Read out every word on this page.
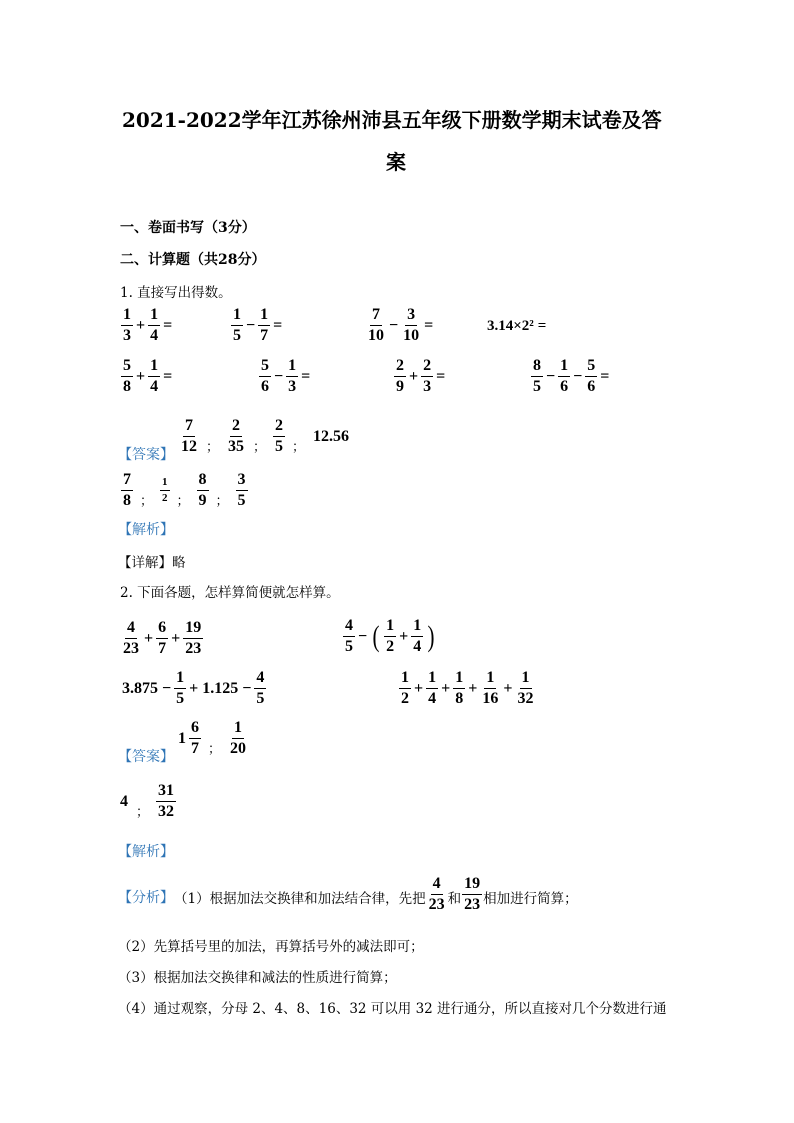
2021-2022学年江苏徐州沛县五年级下册数学期末试卷及答
案
一、卷面书写（3分）
二、计算题（共28分）
1. 直接写出得数。
$\frac{1}{3} + \frac{1}{4}$ =	$\frac{1}{5} - \frac{1}{7}$ =	$\frac{7}{10} - \frac{3}{10}$ =	3.14×2² =
$\frac{5}{8} + \frac{1}{4}$ =	$\frac{5}{6} - \frac{1}{3}$ =	$\frac{2}{9} + \frac{2}{3}$ =	$\frac{8}{5} - \frac{1}{6} - \frac{5}{6}$ =
【答案】 $\frac{7}{12}$ ； $\frac{2}{35}$ ； $\frac{2}{5}$ ；
12.56
$\frac{7}{8}$ ； $\frac{1}{2}$ ； $\frac{8}{9}$ ； $\frac{3}{5}$
【解析】
【详解】略
2. 下面各题，怎样算简便就怎样算。
$\frac{4}{23} + \frac{6}{7} + \frac{19}{23}$	$\frac{4}{5}$ − ( $\frac{1}{2} + \frac{1}{4}$ )
$3.875 - \frac{1}{5} + 1.125 - \frac{4}{5}$	$\frac{1}{2} + \frac{1}{4} + \frac{1}{8} + \frac{1}{16} + \frac{1}{32}$
【答案】
$1 \frac{6}{7}$ ； $\frac{1}{20}$
4
； $\frac{31}{32}$
【解析】
【分析】 （1）根据加法交换律和加法结合律，先把 $\frac{4}{23}$ 和 $\frac{19}{23}$ 相加进行简算；
（2）先算括号里的加法，再算括号外的减法即可；
（3）根据加法交换律和减法的性质进行简算；
（4）通过观察，分母 2、4、8、16、32 可以用 32 进行通分，所以直接对几个分数进行通
